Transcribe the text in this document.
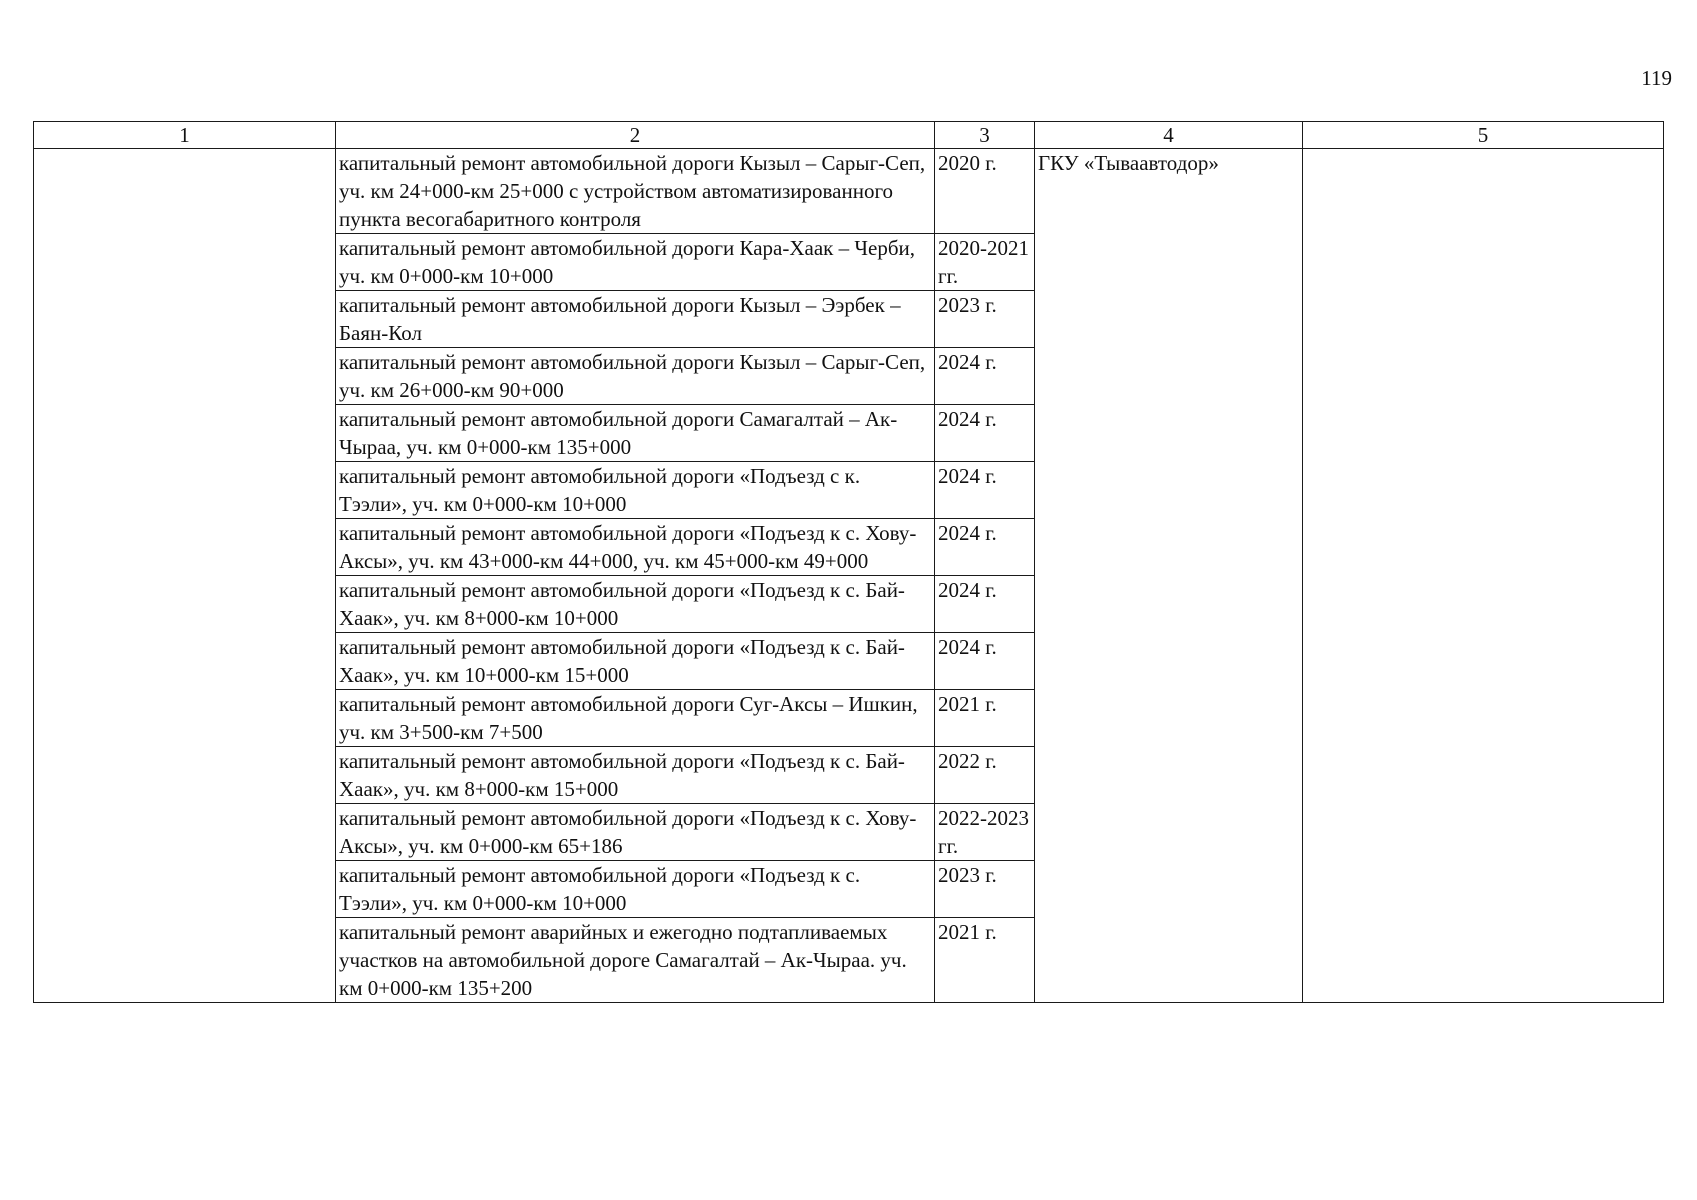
119
1	2	3	4	5
	капитальный ремонт автомобильной дороги Кызыл – Сарыг-Сеп, уч. км 24+000-км 25+000 с устройством автоматизированного пункта весогабаритного контроля	2020 г.	ГКУ «Тываавтодор»	
	капитальный ремонт автомобильной дороги Кара-Хаак – Черби, уч. км 0+000-км 10+000	2020-2021 гг.		
	капитальный ремонт автомобильной дороги Кызыл – Ээрбек – Баян-Кол	2023 г.		
	капитальный ремонт автомобильной дороги Кызыл – Сарыг-Сеп, уч. км 26+000-км 90+000	2024 г.		
	капитальный ремонт автомобильной дороги Самагалтай – Ак-Чыраа, уч. км 0+000-км 135+000	2024 г.		
	капитальный ремонт автомобильной дороги «Подъезд с к. Тээли», уч. км 0+000-км 10+000	2024 г.		
	капитальный ремонт автомобильной дороги «Подъезд к с. Хову-Аксы», уч. км 43+000-км 44+000, уч. км 45+000-км 49+000	2024 г.		
	капитальный ремонт автомобильной дороги «Подъезд к с. Бай-Хаак», уч. км 8+000-км 10+000	2024 г.		
	капитальный ремонт автомобильной дороги «Подъезд к с. Бай-Хаак», уч. км 10+000-км 15+000	2024 г.		
	капитальный ремонт автомобильной дороги Суг-Аксы – Ишкин, уч. км 3+500-км 7+500	2021 г.		
	капитальный ремонт автомобильной дороги «Подъезд к с. Бай-Хаак», уч. км 8+000-км 15+000	2022 г.		
	капитальный ремонт автомобильной дороги «Подъезд к с. Хову-Аксы», уч. км 0+000-км 65+186	2022-2023 гг.		
	капитальный ремонт автомобильной дороги «Подъезд к с. Тээли», уч. км 0+000-км 10+000	2023 г.		
	капитальный ремонт аварийных и ежегодно подтапливаемых участков на автомобильной дороге Самагалтай – Ак-Чыраа. уч. км 0+000-км 135+200	2021 г.		
